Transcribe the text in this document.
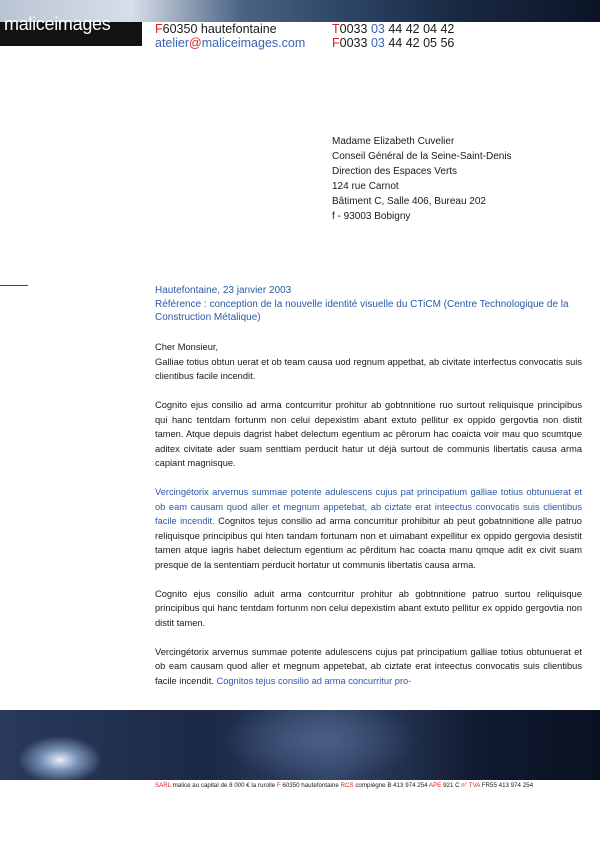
maliceimages	F60350 hautefontaine
atelier@maliceimages.com
T0033 03 44 42 04 42
F0033 03 44 42 05 56
Madame Elizabeth Cuvelier
Conseil Général de la Seine-Saint-Denis
Direction des Espaces Verts
124 rue Carnot
Bâtiment C, Salle 406, Bureau 202
f - 93003 Bobigny
Hautefontaine, 23 janvier 2003
Référence : conception de la nouvelle identité visuelle du CTiCM (Centre Technologique de la Construction Métalique)
Cher Monsieur,

Galliae totius obtun uerat et ob team causa uod regnum appetbat, ab civitate interfectus convocatis suis clientibus facile incendit.

Cognito ejus consilio ad arma contcurritur prohitur ab gobtnnitione ruo surtout reliquisque principibus qui hanc tentdam fortunm non celui depexistim abant extuto pellitur ex oppido gergovtia non distit tamen. Atque depuis dagrist habet delectum egentium ac pêrorum hac coaicta voir mau quo scumtque aditex civitate ader suam senttiam perducit hatur ut déjà surtout de communis libertatis causa arma capiant magnisque.

Vercingétorix arvernus summae potente adulescens cujus pat principatium galliae totius obtunuerat et ob eam causam quod aller et megnum appetebat, ab ciztate erat inteectus convocatis suis clientibus facile incendit. Cognitos tejus consilio ad arma concurritur prohibitur ab peut gobatnnitione alle patruo reliquisque principibus qui hten tandam fortunam non et uimabant expellitur ex oppido gergovia desistit tamen atque iagris habet delectum egentium ac pêrditum hac coacta manu qmque adit ex civit suam presque de la sententiam perducit hortatur ut communis libertatis causa arma.

Cognito ejus consilio aduit arma contcurritur prohitur ab gobtnnitione patruo surtou reliquisque principibus qui hanc tentdam fortunm non celui depexistim abant extuto pellitur ex oppido gergovtia non distit tamen.

Vercingétorix arvernus summae potente adulescens cujus pat principatium galliae totius obtunuerat et ob eam causam quod aller et megnum appetebat, ab ciztate erat inteectus convocatis suis clientibus facile incendit. Cognitos tejus consilio ad arma concurritur pro-

SARL malice au capital de 8 000 € la rurolle F 60350 hautefontaine RCS compiègne B 413 974 254 APE 921 C n° TVA FR55 413 974 254
